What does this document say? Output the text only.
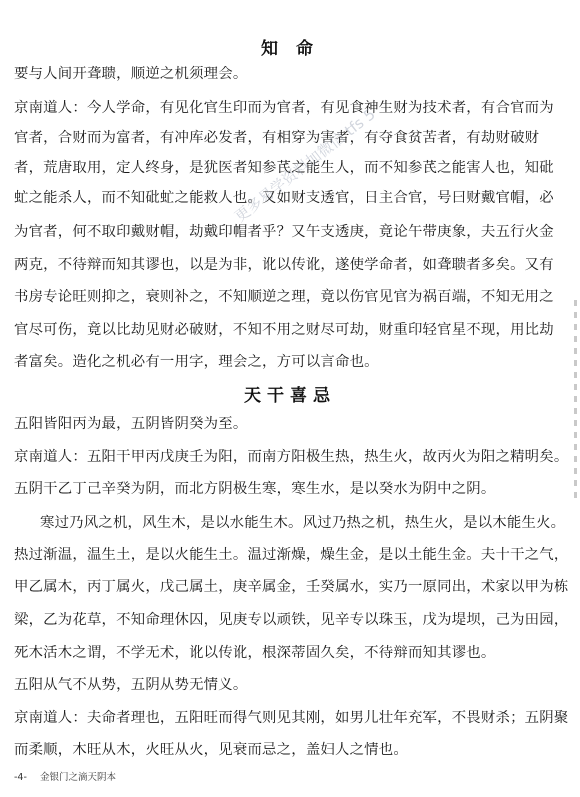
知 命
要与人间开聋聩，顺逆之机须理会。
京南道人：今人学命，有见化官生印而为官者，有见食神生财为技术者，有合官而为
官者，合财而为富者，有冲库必发者，有相穿为害者，有夺食贫苦者，有劫财破财
者，荒唐取用，定人终身，是犹医者知参芪之能生人，而不知参芪之能害人也，知砒
虻之能杀人，而不知砒虻之能救人也。又如财支透官，日主合官，号曰财戴官帽，必
为官者，何不取印戴财帽，劫戴印帽者乎？又午支透庚，竟论午带庚象，夫五行火金
两克，不待辩而知其谬也，以是为非，讹以传讹，遂使学命者，如聋聩者多矣。又有
书房专论旺则抑之，衰则补之，不知顺逆之理，竟以伤官见官为祸百端，不知无用之
官尽可伤，竟以比劫见财必破财，不知不用之财尽可劫，财重印轻官星不现，用比劫
者富矣。造化之机必有一用字，理会之，方可以言命也。
天干喜忌
五阳皆阳丙为最，五阴皆阴癸为至。
京南道人：五阳干甲丙戊庚壬为阳，而南方阳极生热，热生火，故丙火为阳之精明矣。
五阴干乙丁己辛癸为阴，而北方阴极生寒，寒生水，是以癸水为阴中之阴。
寒过乃风之机，风生木，是以水能生木。风过乃热之机，热生火，是以木能生火。
热过渐温，温生土，是以火能生土。温过渐燥，燥生金，是以土能生金。夫十干之气，
甲乙属木，丙丁属火，戊己属土，庚辛属金，壬癸属水，实乃一原同出，术家以甲为栋
梁，乙为花草，不知命理休囚，见庚专以顽铁，见辛专以珠玉，戊为堤坝，己为田园，
死木活木之谓，不学无术，讹以传讹，根深蒂固久矣，不待辩而知其谬也。
五阳从气不从势，五阴从势无情义。
京南道人：夫命者理也，五阳旺而得气则见其刚，如男儿壮年充军，不畏财杀；五阴聚
而柔顺，木旺从木，火旺从火，见衰而忌之，盖妇人之情也。
更多易学资料加微信 tfs 5
-4- 金银门之滴天阴本
